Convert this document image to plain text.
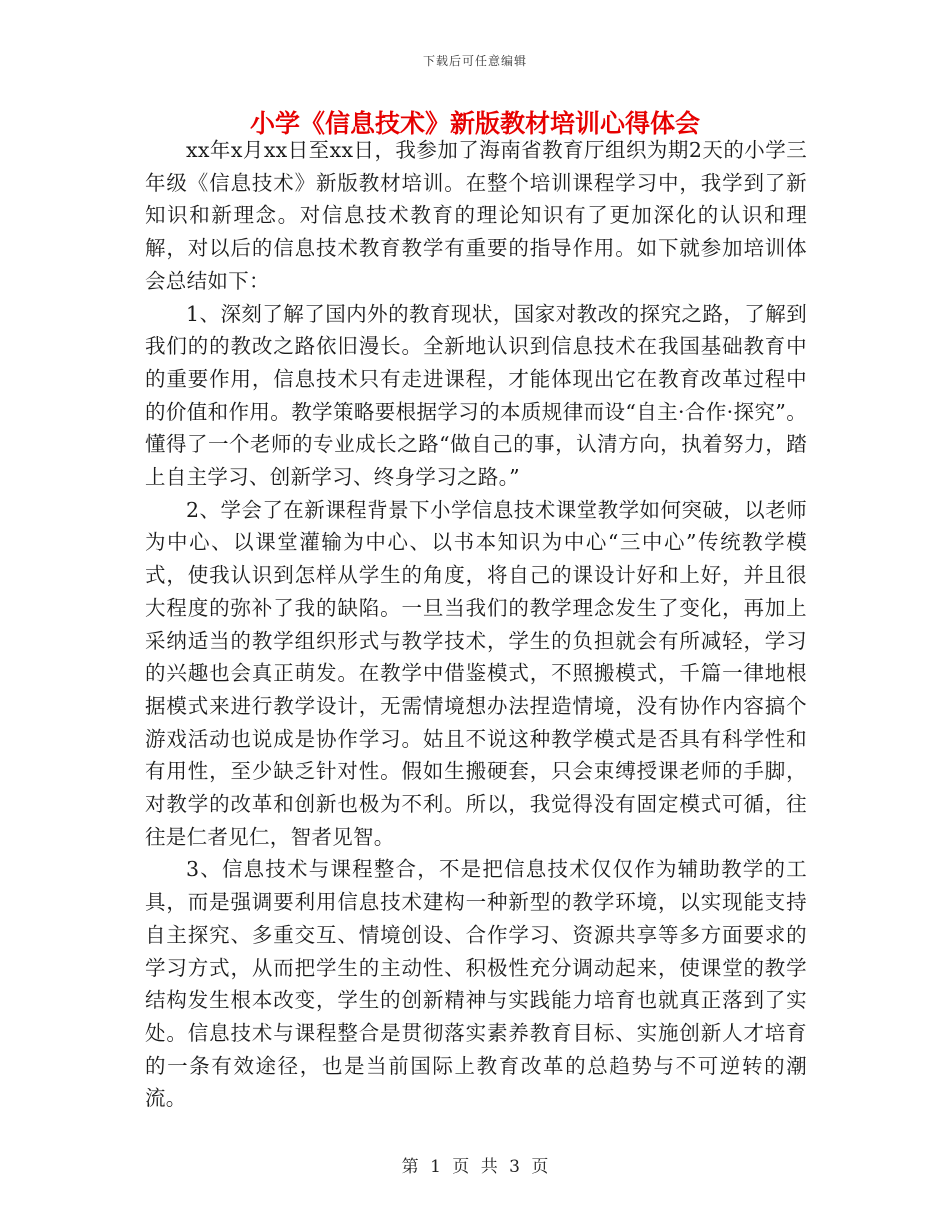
下载后可任意编辑
小学《信息技术》新版教材培训心得体会

xx年x月xx日至xx日，我参加了海南省教育厅组织为期2天的小学三年级《信息技术》新版教材培训。在整个培训课程学习中，我学到了新知识和新理念。对信息技术教育的理论知识有了更加深化的认识和理解，对以后的信息技术教育教学有重要的指导作用。如下就参加培训体会总结如下：

1、深刻了解了国内外的教育现状，国家对教改的探究之路，了解到我们的的教改之路依旧漫长。全新地认识到信息技术在我国基础教育中的重要作用，信息技术只有走进课程，才能体现出它在教育改革过程中的价值和作用。教学策略要根据学习的本质规律而设“自主·合作·探究”。懂得了一个老师的专业成长之路“做自己的事，认清方向，执着努力，踏上自主学习、创新学习、终身学习之路。”

2、学会了在新课程背景下小学信息技术课堂教学如何突破，以老师为中心、以课堂灌输为中心、以书本知识为中心“三中心”传统教学模式，使我认识到怎样从学生的角度，将自己的课设计好和上好，并且很大程度的弥补了我的缺陷。一旦当我们的教学理念发生了变化，再加上采纳适当的教学组织形式与教学技术，学生的负担就会有所减轻，学习的兴趣也会真正萌发。在教学中借鉴模式，不照搬模式，千篇一律地根据模式来进行教学设计，无需情境想办法捏造情境，没有协作内容搞个游戏活动也说成是协作学习。姑且不说这种教学模式是否具有科学性和有用性，至少缺乏针对性。假如生搬硬套，只会束缚授课老师的手脚，对教学的改革和创新也极为不利。所以，我觉得没有固定模式可循，往往是仁者见仁，智者见智。

3、信息技术与课程整合，不是把信息技术仅仅作为辅助教学的工具，而是强调要利用信息技术建构一种新型的教学环境，以实现能支持自主探究、多重交互、情境创设、合作学习、资源共享等多方面要求的学习方式，从而把学生的主动性、积极性充分调动起来，使课堂的教学结构发生根本改变，学生的创新精神与实践能力培育也就真正落到了实处。信息技术与课程整合是贯彻落实素养教育目标、实施创新人才培育的一条有效途径，也是当前国际上教育改革的总趋势与不可逆转的潮流。

第 1 页 共 3 页
